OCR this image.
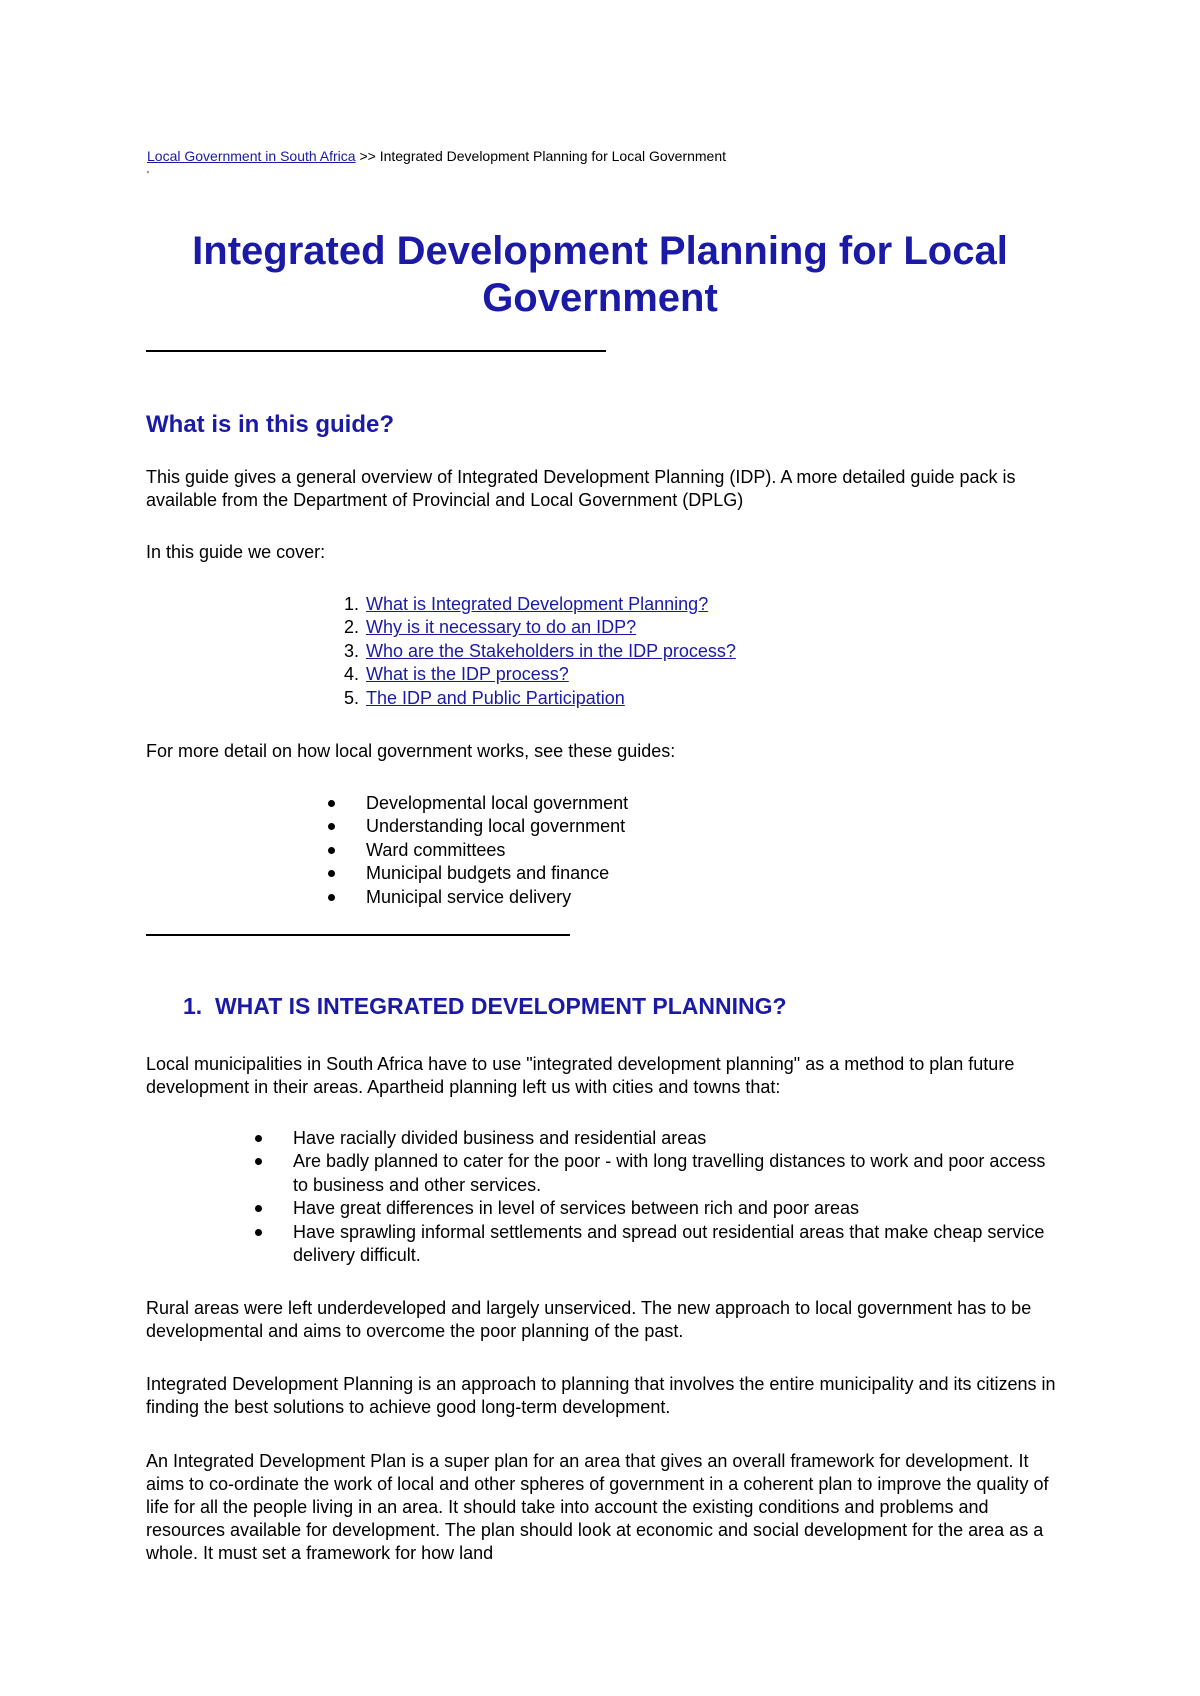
Local Government in South Africa >> Integrated Development Planning for Local Government
'
Integrated Development Planning for Local Government
What is in this guide?

This guide gives a general overview of Integrated Development Planning (IDP). A more detailed guide pack is available from the Department of Provincial and Local Government (DPLG)

In this guide we cover:

1. What is Integrated Development Planning?
2. Why is it necessary to do an IDP?
3. Who are the Stakeholders in the IDP process?
4. What is the IDP process?
5. The IDP and Public Participation

For more detail on how local government works, see these guides:

Developmental local government
Understanding local government
Ward committees
Municipal budgets and finance
Municipal service delivery
1. WHAT IS INTEGRATED DEVELOPMENT PLANNING?

Local municipalities in South Africa have to use "integrated development planning" as a method to plan future development in their areas. Apartheid planning left us with cities and towns that:

Have racially divided business and residential areas
Are badly planned to cater for the poor - with long travelling distances to work and poor access to business and other services.
Have great differences in level of services between rich and poor areas
Have sprawling informal settlements and spread out residential areas that make cheap service delivery difficult.

Rural areas were left underdeveloped and largely unserviced. The new approach to local government has to be developmental and aims to overcome the poor planning of the past.

Integrated Development Planning is an approach to planning that involves the entire municipality and its citizens in finding the best solutions to achieve good long-term development.

An Integrated Development Plan is a super plan for an area that gives an overall framework for development. It aims to co-ordinate the work of local and other spheres of government in a coherent plan to improve the quality of life for all the people living in an area. It should take into account the existing conditions and problems and resources available for development. The plan should look at economic and social development for the area as a whole. It must set a framework for how land
